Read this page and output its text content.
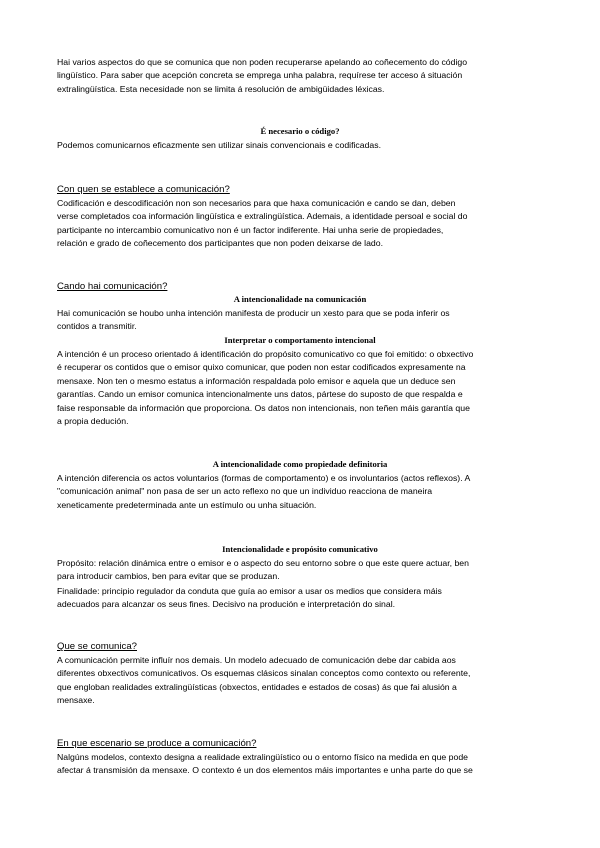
Hai varios aspectos do que se comunica que non poden recuperarse apelando ao coñecemento do código
lingüístico. Para saber que acepción concreta se emprega unha palabra, requírese ter acceso á situación
extralingüística. Esta necesidade non se limita á resolución de ambigüidades léxicas.

É necesario o código?

Podemos comunicarnos eficazmente sen utilizar sinais convencionais e codificadas.

Con quen se establece a comunicación?

Codificación e descodificación non son necesarios para que haxa comunicación e cando se dan, deben
verse completados coa información lingüística e extralingüística. Ademais, a identidade persoal e social do
participante no intercambio comunicativo non é un factor indiferente. Hai unha serie de propiedades,
relación e grado de coñecemento dos participantes que non poden deixarse de lado.

Cando hai comunicación?

A intencionalidade na comunicación

Hai comunicación se houbo unha intención manifesta de producir un xesto para que se poda inferir os
contidos a transmitir.

Interpretar o comportamento intencional

A intención é un proceso orientado á identificación do propósito comunicativo co que foi emitido: o obxectivo
é recuperar os contidos que o emisor quixo comunicar, que poden non estar codificados expresamente na
mensaxe. Non ten o mesmo estatus a información respaldada polo emisor e aquela que un deduce sen
garantías. Cando un emisor comunica intencionalmente uns datos, pártese do suposto de que respalda e
faise responsable da información que proporciona. Os datos non intencionais, non teñen máis garantía que
a propia dedución.

A intencionalidade como propiedade definitoria

A intención diferencia os actos voluntarios (formas de comportamento) e os involuntarios (actos reflexos). A
"comunicación animal" non pasa de ser un acto reflexo no que un individuo reacciona de maneira
xeneticamente predeterminada ante un estímulo ou unha situación.

Intencionalidade e propósito comunicativo

Propósito: relación dinámica entre o emisor e o aspecto do seu entorno sobre o que este quere actuar, ben
para introducir cambios, ben para evitar que se produzan.

Finalidade: principio regulador da conduta que guía ao emisor a usar os medios que considera máis
adecuados para alcanzar os seus fines. Decisivo na produción e interpretación do sinal.

Que se comunica?

A comunicación permite influír nos demais. Un modelo adecuado de comunicación debe dar cabida aos
diferentes obxectivos comunicativos. Os esquemas clásicos sinalan conceptos como contexto ou referente,
que engloban realidades extralingüísticas (obxectos, entidades e estados de cosas) ás que fai alusión a
mensaxe.

En que escenario se produce a comunicación?

Nalgúns modelos, contexto designa a realidade extralingüístico ou o entorno físico na medida en que pode
afectar á transmisión da mensaxe. O contexto é un dos elementos máis importantes e unha parte do que se
